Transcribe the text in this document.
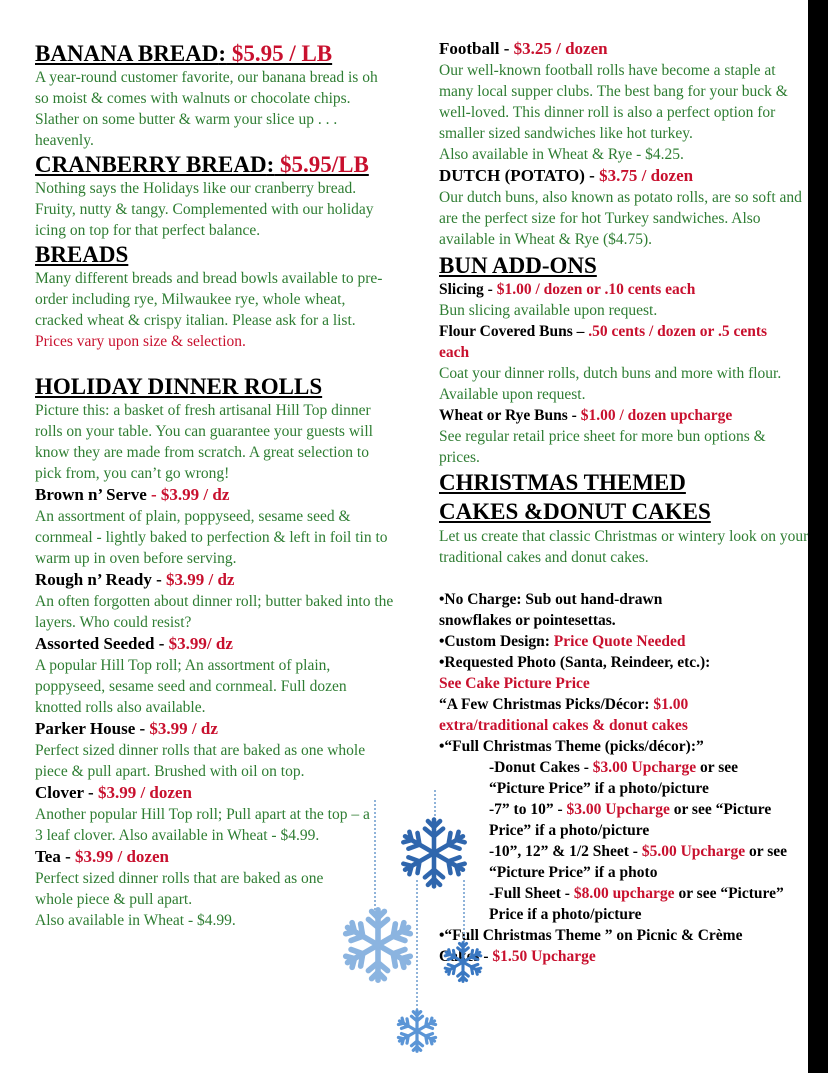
BANANA BREAD: $5.95 / LB

A year-round customer favorite, our banana bread is oh so moist & comes with walnuts or chocolate chips. Slather on some butter & warm your slice up . . . heavenly.

CRANBERRY BREAD: $5.95/LB

Nothing says the Holidays like our cranberry bread. Fruity, nutty & tangy. Complemented with our holiday icing on top for that perfect balance.

BREADS

Many different breads and bread bowls available to pre-order including rye, Milwaukee rye, whole wheat, cracked wheat & crispy italian. Please ask for a list. Prices vary upon size & selection.

HOLIDAY DINNER ROLLS

Picture this: a basket of fresh artisanal Hill Top dinner rolls on your table. You can guarantee your guests will know they are made from scratch. A great selection to pick from, you can’t go wrong!

Brown n’ Serve - $3.99 / dz

An assortment of plain, poppyseed, sesame seed & cornmeal - lightly baked to perfection & left in foil tin to warm up in oven before serving.

Rough n’ Ready - $3.99 / dz

An often forgotten about dinner roll; butter baked into the layers. Who could resist?

Assorted Seeded - $3.99/ dz

A popular Hill Top roll; An assortment of plain, poppyseed, sesame seed and cornmeal. Full dozen knotted rolls also available.

Parker House - $3.99 / dz

Perfect sized dinner rolls that are baked as one whole piece & pull apart. Brushed with oil on top.

Clover - $3.99 / dozen

Another popular Hill Top roll; Pull apart at the top – a 3 leaf clover. Also available in Wheat - $4.99.

Tea - $3.99 / dozen

Perfect sized dinner rolls that are baked as one whole piece & pull apart.

Also available in Wheat - $4.99.

Football - $3.25 / dozen

Our well-known football rolls have become a staple at many local supper clubs. The best bang for your buck & well-loved. This dinner roll is also a perfect option for smaller sized sandwiches like hot turkey.

Also available in Wheat & Rye - $4.25.

DUTCH (POTATO) - $3.75 / dozen

Our dutch buns, also known as potato rolls, are so soft and are the perfect size for hot Turkey sandwiches. Also available in Wheat & Rye ($4.75).

BUN ADD-ONS

Slicing - $1.00 / dozen or .10 cents each

Bun slicing available upon request.

Flour Covered Buns – .50 cents / dozen or .5 cents each

Coat your dinner rolls, dutch buns and more with flour. Available upon request.

Wheat or Rye Buns - $1.00 / dozen upcharge

See regular retail price sheet for more bun options & prices.

CHRISTMAS THEMED
CAKES &DONUT CAKES

Let us create that classic Christmas or wintery look on your traditional cakes and donut cakes.

•No Charge: Sub out hand-drawn snowflakes or pointesettas.

•Custom Design: Price Quote Needed

•Requested Photo (Santa, Reindeer, etc.):
See Cake Picture Price

“A Few Christmas Picks/Décor: $1.00 extra/traditional cakes & donut cakes

•“Full Christmas Theme (picks/décor):”

-Donut Cakes - $3.00 Upcharge or see “Picture Price” if a photo/picture

-7” to 10” - $3.00 Upcharge or see “Picture Price” if a photo/picture

-10”, 12” & 1/2 Sheet - $5.00 Upcharge or see “Picture Price” if a photo

-Full Sheet - $8.00 upcharge or see “Picture” Price if a photo/picture

•“Full Christmas Theme ” on Picnic & Crème Cakes - $1.50 Upcharge
